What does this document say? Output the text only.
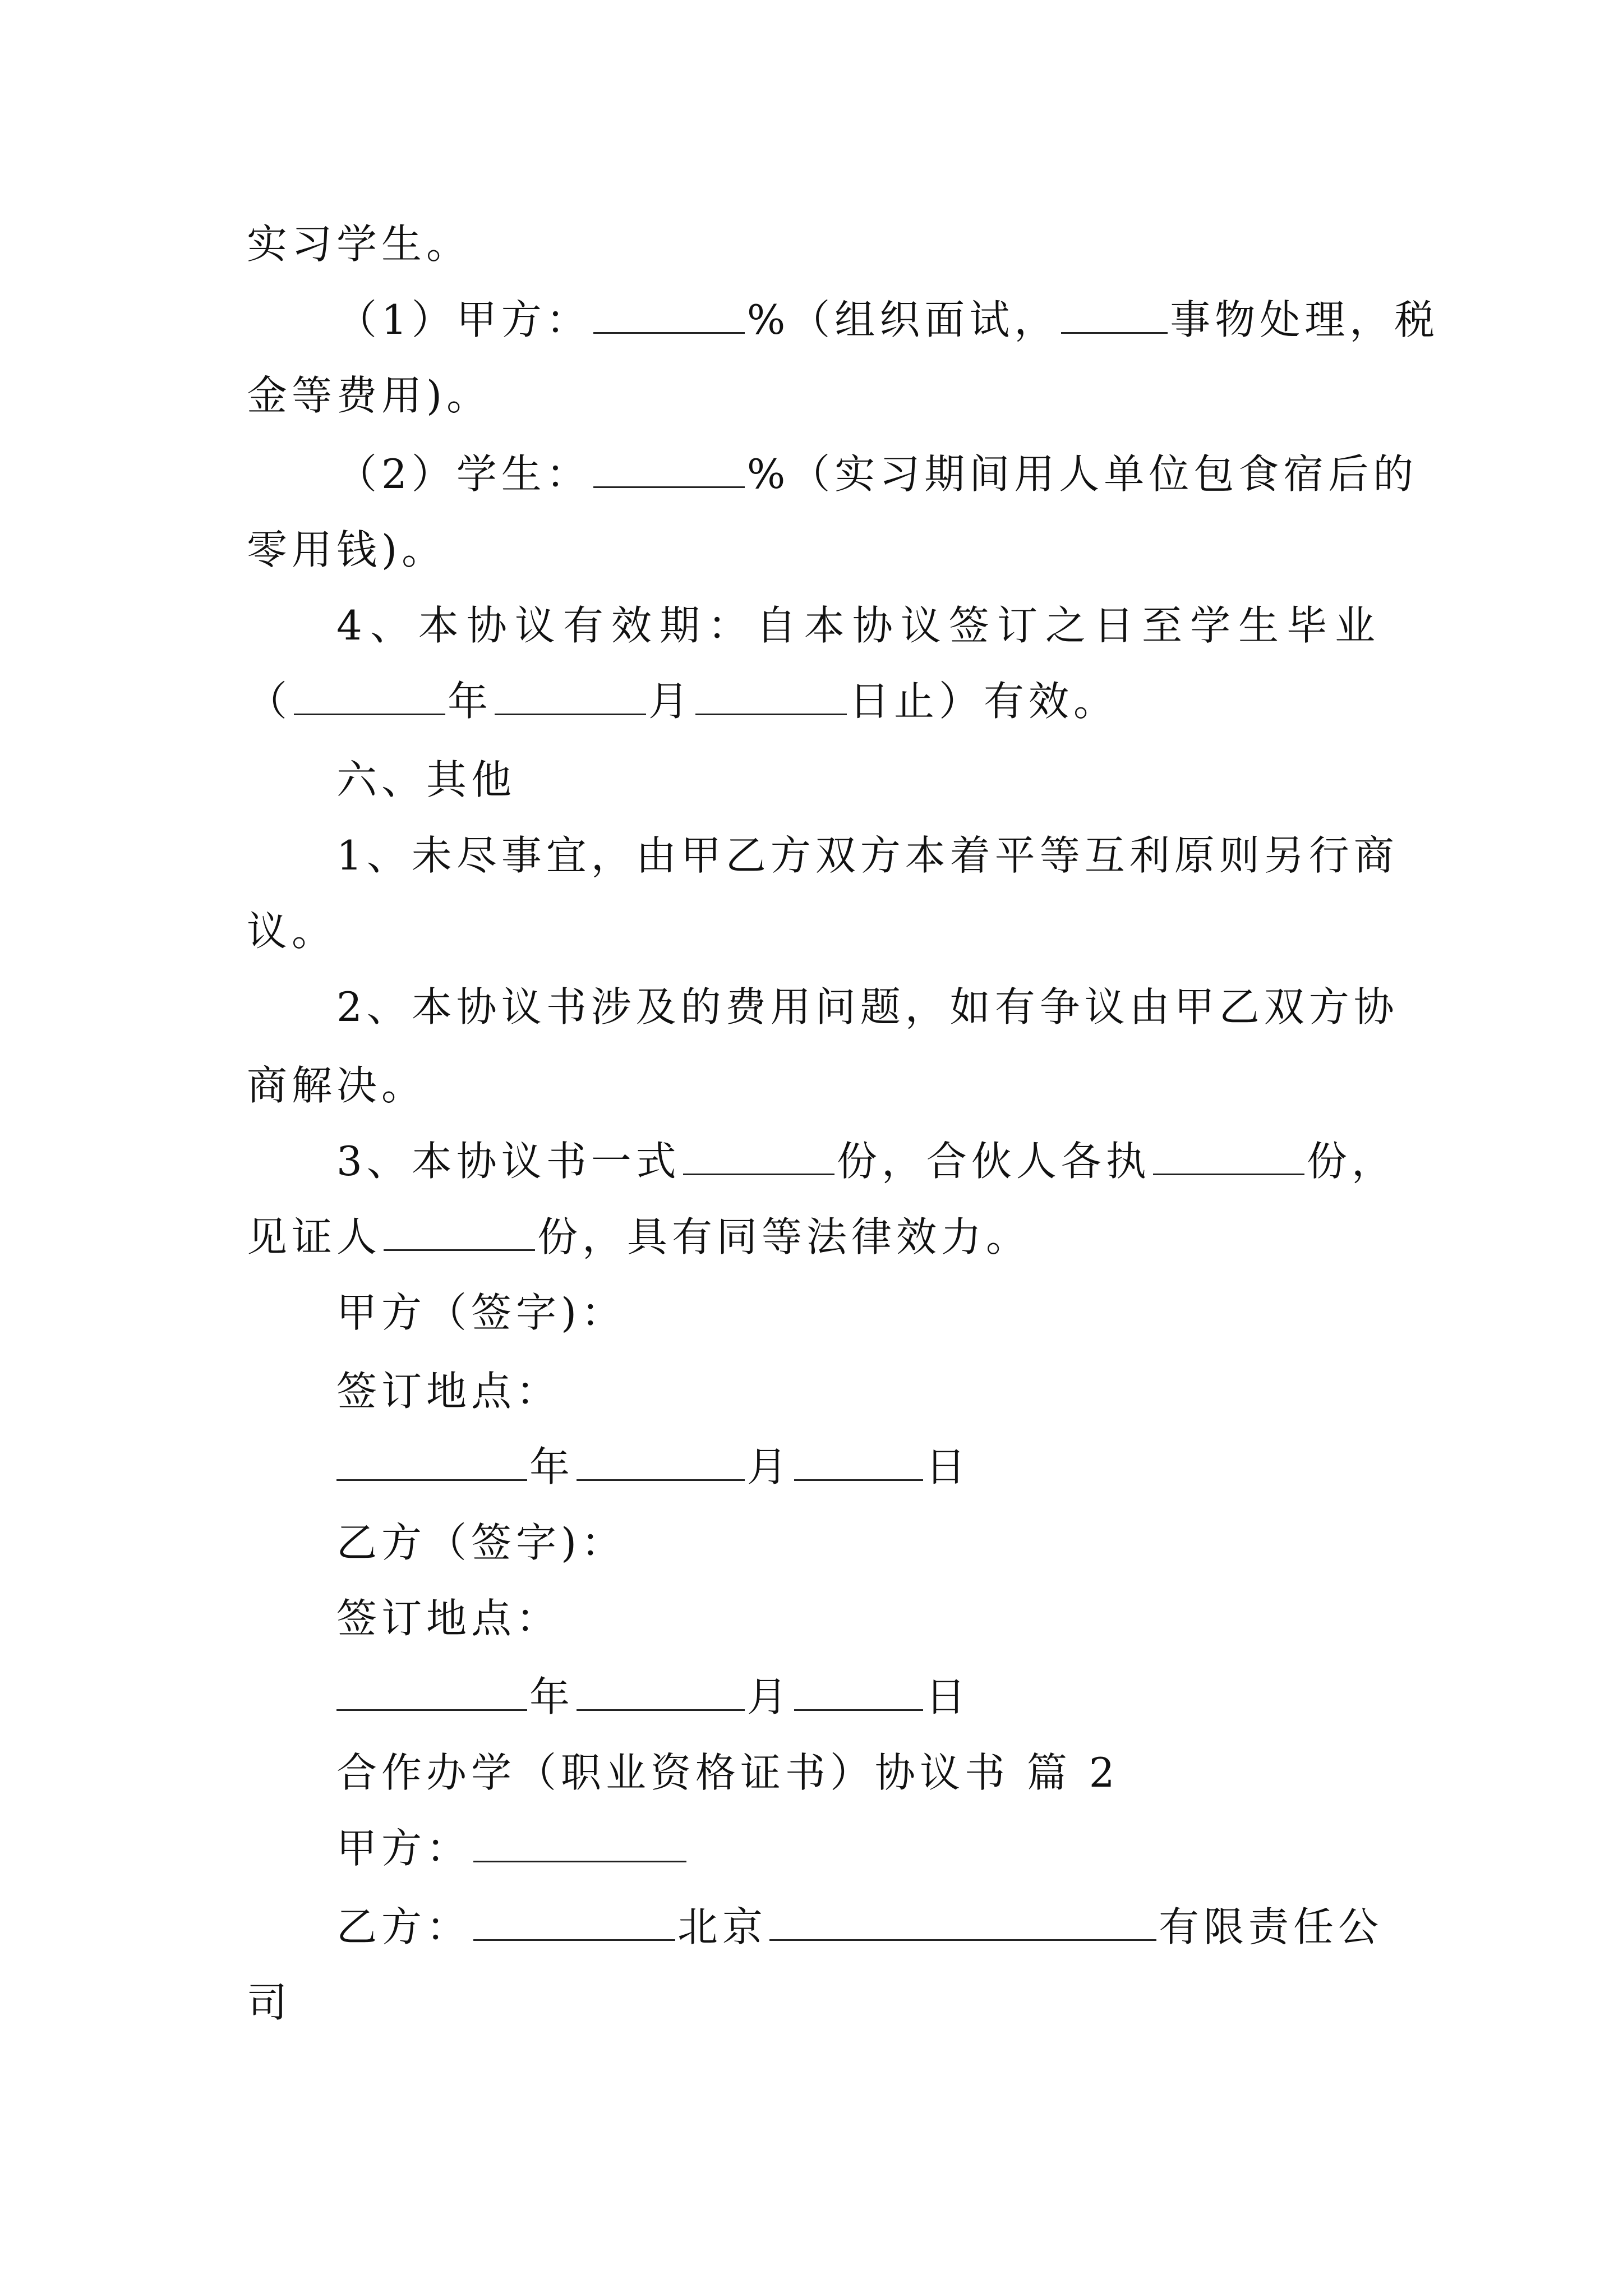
实习学生。
（1）甲方：	%（组织面试，	事物处理，税
金等费用)。
（2）学生：	%（实习期间用人单位包食宿后的
零用钱)。
4、本协议有效期：自本协议签订之日至学生毕业
（	年	月	日止）有效。
六、其他
1、未尽事宜，由甲乙方双方本着平等互利原则另行商
议。
2、本协议书涉及的费用问题，如有争议由甲乙双方协
商解决。
3、本协议书一式	份，合伙人各执	份，
见证人	份，具有同等法律效力。
甲方（签字)：
签订地点：
年	月	日
乙方（签字)：
签订地点：
年	月	日
合作办学（职业资格证书）协议书 篇 2
甲方：
乙方：	北京	有限责任公
司
